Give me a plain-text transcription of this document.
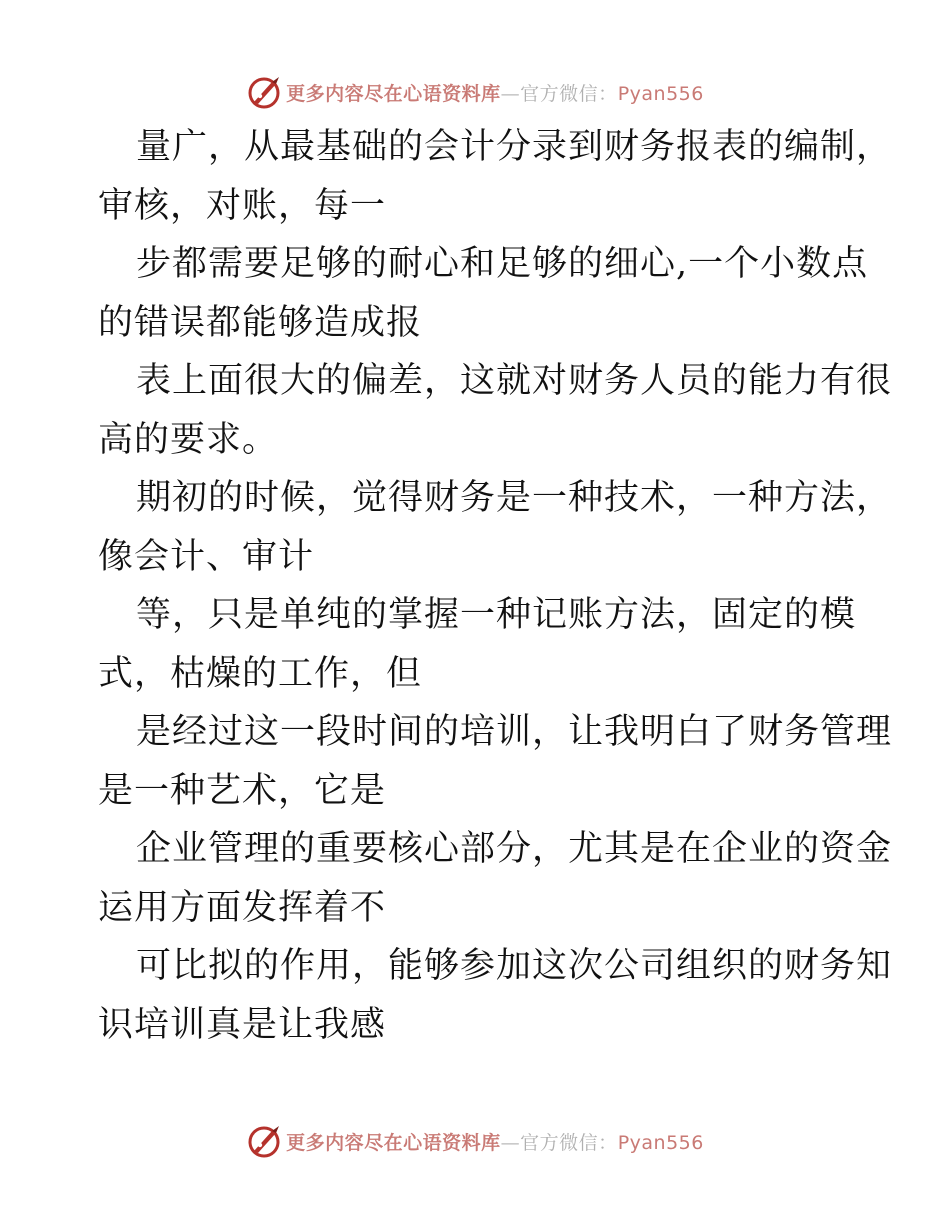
更多内容尽在心语资料库—官方微信：Pyan556
量广，从最基础的会计分录到财务报表的编制，
审核，对账，每一
步都需要足够的耐心和足够的细心,一个小数点
的错误都能够造成报
表上面很大的偏差，这就对财务人员的能力有很
高的要求。
期初的时候，觉得财务是一种技术，一种方法，
像会计、审计
等，只是单纯的掌握一种记账方法，固定的模
式，枯燥的工作，但
是经过这一段时间的培训，让我明白了财务管理
是一种艺术，它是
企业管理的重要核心部分，尤其是在企业的资金
运用方面发挥着不
可比拟的作用，能够参加这次公司组织的财务知
识培训真是让我感
更多内容尽在心语资料库—官方微信：Pyan556
